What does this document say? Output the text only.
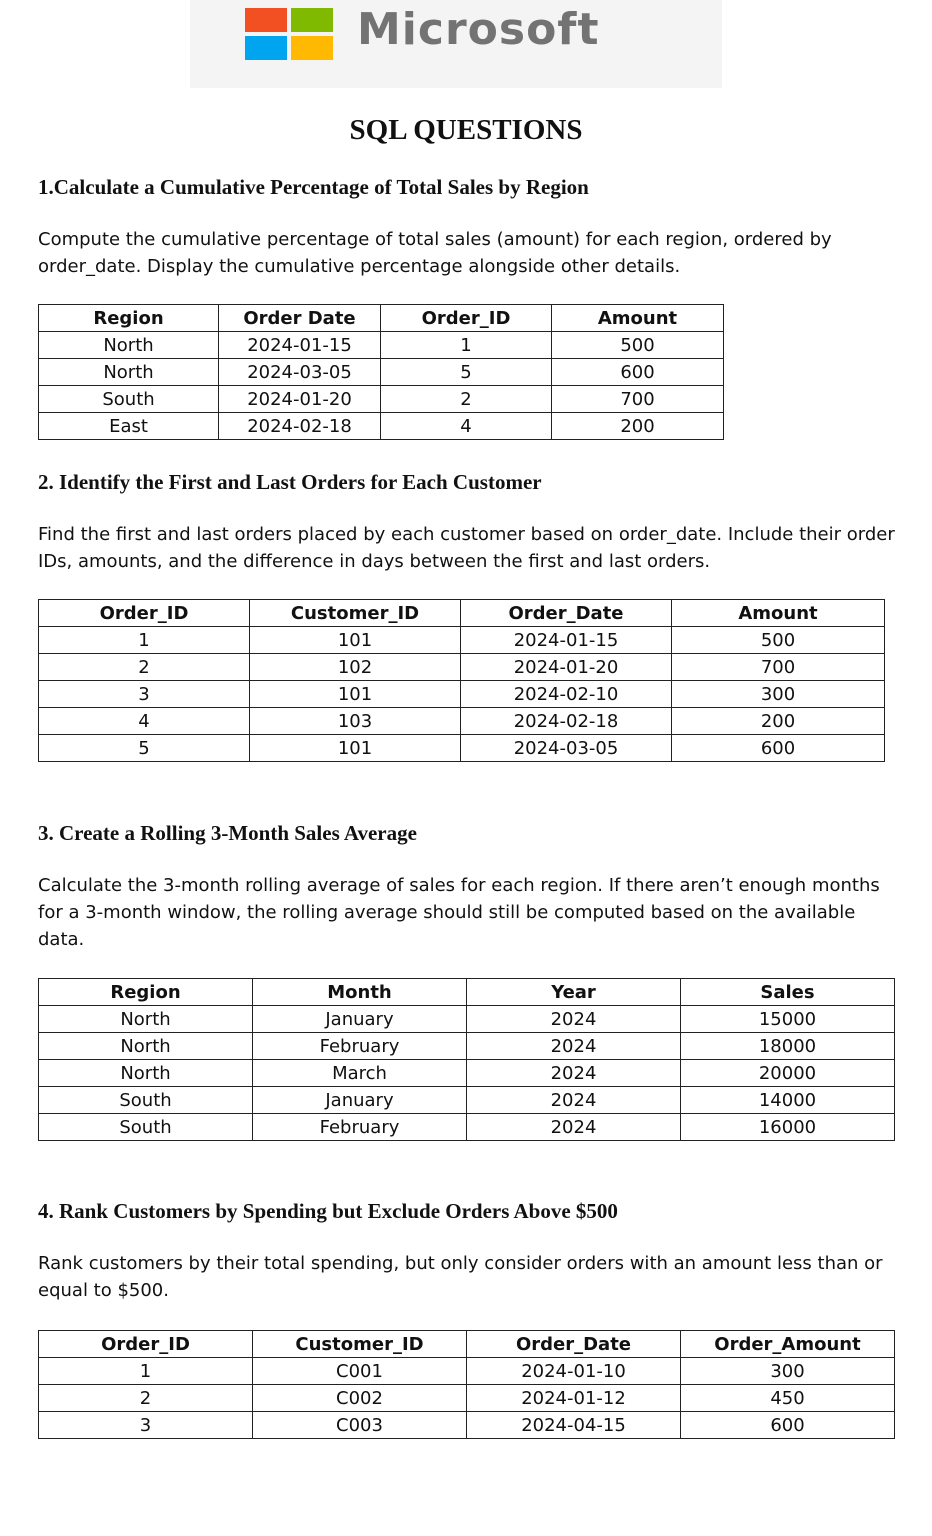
Microsoft
SQL QUESTIONS
1.Calculate a Cumulative Percentage of Total Sales by Region
Compute the cumulative percentage of total sales (amount) for each region, ordered by order_date. Display the cumulative percentage alongside other details.
Region	Order Date	Order_ID	Amount
North	2024-01-15	1	500
North	2024-03-05	5	600
South	2024-01-20	2	700
East	2024-02-18	4	200
2. Identify the First and Last Orders for Each Customer
Find the first and last orders placed by each customer based on order_date. Include their order IDs, amounts, and the difference in days between the first and last orders.
Order_ID	Customer_ID	Order_Date	Amount
1	101	2024-01-15	500
2	102	2024-01-20	700
3	101	2024-02-10	300
4	103	2024-02-18	200
5	101	2024-03-05	600
3. Create a Rolling 3-Month Sales Average
Calculate the 3-month rolling average of sales for each region. If there aren’t enough months for a 3-month window, the rolling average should still be computed based on the available data.
Region	Month	Year	Sales
North	January	2024	15000
North	February	2024	18000
North	March	2024	20000
South	January	2024	14000
South	February	2024	16000
4. Rank Customers by Spending but Exclude Orders Above $500
Rank customers by their total spending, but only consider orders with an amount less than or equal to $500.
Order_ID	Customer_ID	Order_Date	Order_Amount
1	C001	2024-01-10	300
2	C002	2024-01-12	450
3	C003	2024-04-15	600
